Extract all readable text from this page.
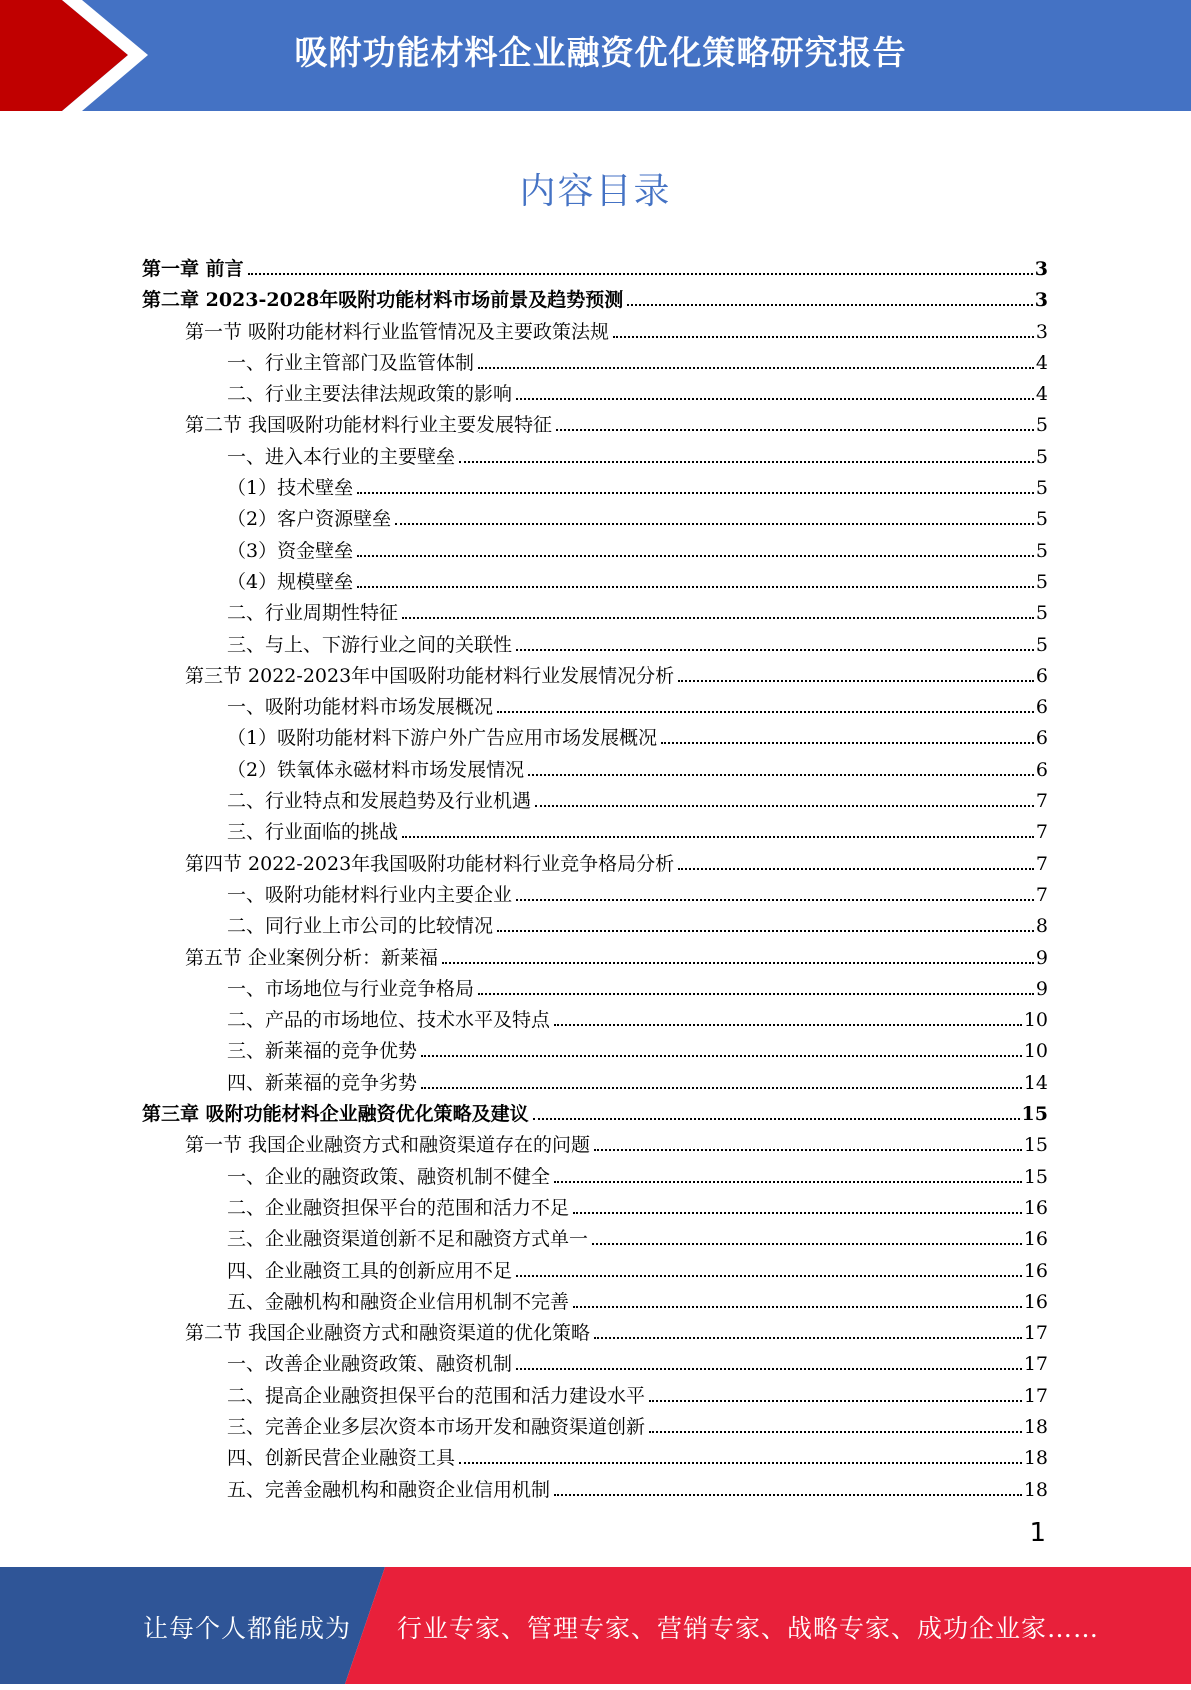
吸附功能材料企业融资优化策略研究报告
内容目录
第一章 前言	3
第二章 2023-2028年吸附功能材料市场前景及趋势预测	3
第一节 吸附功能材料行业监管情况及主要政策法规	3
一、行业主管部门及监管体制	4
二、行业主要法律法规政策的影响	4
第二节 我国吸附功能材料行业主要发展特征	5
一、进入本行业的主要壁垒	5
（1）技术壁垒	5
（2）客户资源壁垒	5
（3）资金壁垒	5
（4）规模壁垒	5
二、行业周期性特征	5
三、与上、下游行业之间的关联性	5
第三节 2022-2023年中国吸附功能材料行业发展情况分析	6
一、吸附功能材料市场发展概况	6
（1）吸附功能材料下游户外广告应用市场发展概况	6
（2）铁氧体永磁材料市场发展情况	6
二、行业特点和发展趋势及行业机遇	7
三、行业面临的挑战	7
第四节 2022-2023年我国吸附功能材料行业竞争格局分析	7
一、吸附功能材料行业内主要企业	7
二、同行业上市公司的比较情况	8
第五节 企业案例分析：新莱福	9
一、市场地位与行业竞争格局	9
二、产品的市场地位、技术水平及特点	10
三、新莱福的竞争优势	10
四、新莱福的竞争劣势	14
第三章 吸附功能材料企业融资优化策略及建议	15
第一节 我国企业融资方式和融资渠道存在的问题	15
一、企业的融资政策、融资机制不健全	15
二、企业融资担保平台的范围和活力不足	16
三、企业融资渠道创新不足和融资方式单一	16
四、企业融资工具的创新应用不足	16
五、金融机构和融资企业信用机制不完善	16
第二节 我国企业融资方式和融资渠道的优化策略	17
一、改善企业融资政策、融资机制	17
二、提高企业融资担保平台的范围和活力建设水平	17
三、完善企业多层次资本市场开发和融资渠道创新	18
四、创新民营企业融资工具	18
五、完善金融机构和融资企业信用机制	18
1
让每个人都能成为 行业专家、管理专家、营销专家、战略专家、成功企业家……
